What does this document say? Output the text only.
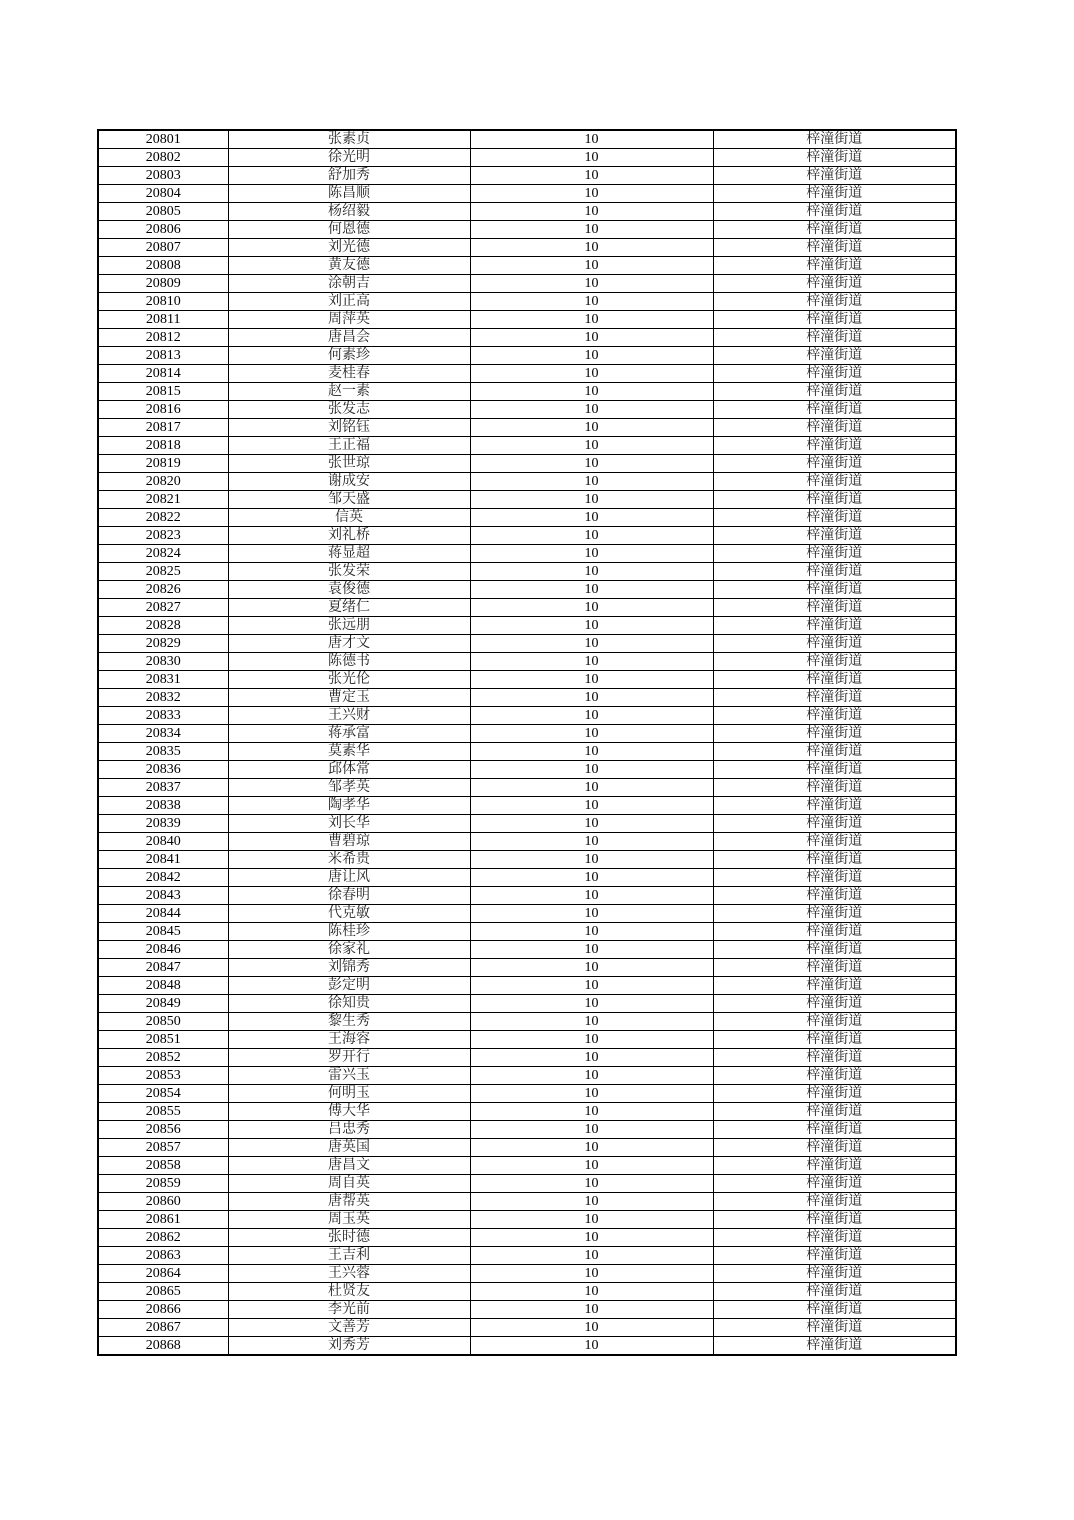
20801	张素贞	10	梓潼街道
20802	徐光明	10	梓潼街道
20803	舒加秀	10	梓潼街道
20804	陈昌顺	10	梓潼街道
20805	杨绍毅	10	梓潼街道
20806	何恩德	10	梓潼街道
20807	刘光德	10	梓潼街道
20808	黄友德	10	梓潼街道
20809	涂朝吉	10	梓潼街道
20810	刘正高	10	梓潼街道
20811	周萍英	10	梓潼街道
20812	唐昌会	10	梓潼街道
20813	何素珍	10	梓潼街道
20814	麦桂春	10	梓潼街道
20815	赵一素	10	梓潼街道
20816	张发志	10	梓潼街道
20817	刘铭钰	10	梓潼街道
20818	王正福	10	梓潼街道
20819	张世琼	10	梓潼街道
20820	谢成安	10	梓潼街道
20821	邹天盛	10	梓潼街道
20822	信英	10	梓潼街道
20823	刘礼桥	10	梓潼街道
20824	蒋显超	10	梓潼街道
20825	张发荣	10	梓潼街道
20826	袁俊德	10	梓潼街道
20827	夏绪仁	10	梓潼街道
20828	张远朋	10	梓潼街道
20829	唐才文	10	梓潼街道
20830	陈德书	10	梓潼街道
20831	张光伦	10	梓潼街道
20832	曹定玉	10	梓潼街道
20833	王兴财	10	梓潼街道
20834	蒋承富	10	梓潼街道
20835	莫素华	10	梓潼街道
20836	邱体常	10	梓潼街道
20837	邹孝英	10	梓潼街道
20838	陶孝华	10	梓潼街道
20839	刘长华	10	梓潼街道
20840	曹碧琼	10	梓潼街道
20841	米希贵	10	梓潼街道
20842	唐让风	10	梓潼街道
20843	徐春明	10	梓潼街道
20844	代克敏	10	梓潼街道
20845	陈桂珍	10	梓潼街道
20846	徐家礼	10	梓潼街道
20847	刘锦秀	10	梓潼街道
20848	彭定明	10	梓潼街道
20849	徐知贵	10	梓潼街道
20850	黎生秀	10	梓潼街道
20851	王海容	10	梓潼街道
20852	罗开行	10	梓潼街道
20853	雷兴玉	10	梓潼街道
20854	何明玉	10	梓潼街道
20855	傅大华	10	梓潼街道
20856	吕忠秀	10	梓潼街道
20857	唐英国	10	梓潼街道
20858	唐昌文	10	梓潼街道
20859	周自英	10	梓潼街道
20860	唐帮英	10	梓潼街道
20861	周玉英	10	梓潼街道
20862	张时德	10	梓潼街道
20863	王吉利	10	梓潼街道
20864	王兴蓉	10	梓潼街道
20865	杜贤友	10	梓潼街道
20866	李光前	10	梓潼街道
20867	文善芳	10	梓潼街道
20868	刘秀芳	10	梓潼街道
